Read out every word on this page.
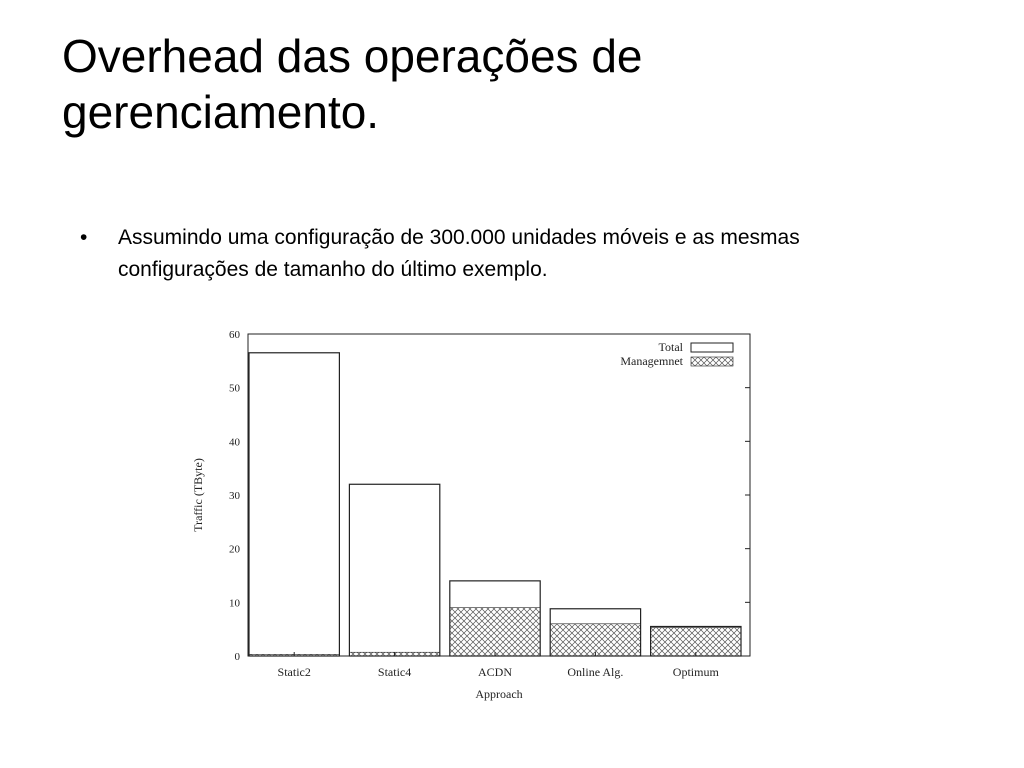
Overhead das operações de gerenciamento.
• Assumindo uma configuração de 300.000 unidades móveis e as mesmas configurações de tamanho do último exemplo.
0
10
20
30
40
50
60
Static2	Static4	ACDN	Online Alg.	Optimum
Traffic (TByte)
Approach
Total
Managemnet
